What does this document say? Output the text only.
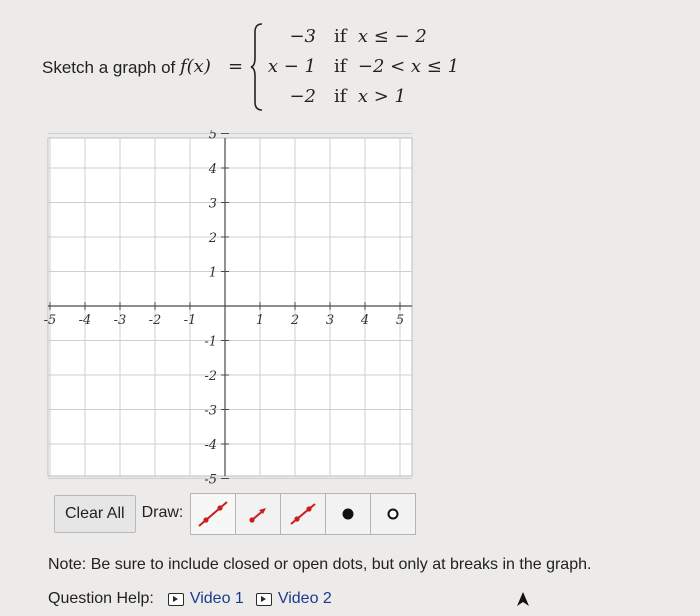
Sketch a graph of f(x) =
−3 if x ≤ − 2
x − 1 if −2 < x ≤ 1
−2 if x > 1
-5 -4 -3 -2 -1	1 2 3 4 5
5
4
3
2
1
-1
-2
-3
-4
-5
Clear All	Draw:
Note: Be sure to include closed or open dots, but only at breaks in the graph.
Question Help: Video 1 Video 2
